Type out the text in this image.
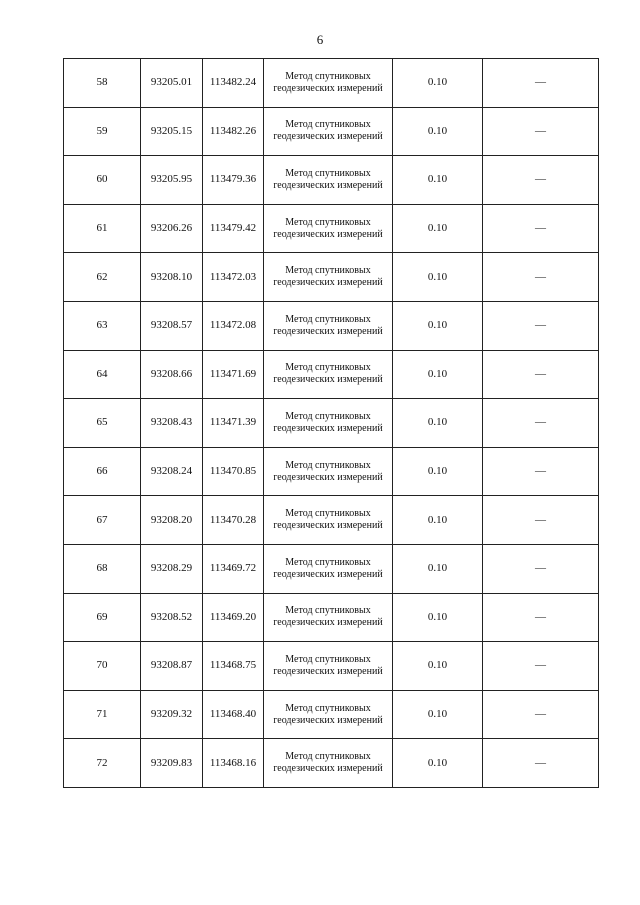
6
58	93205.01	113482.24	Метод спутниковых
геодезических измерений	0.10	—
59	93205.15	113482.26	Метод спутниковых
геодезических измерений	0.10	—
60	93205.95	113479.36	Метод спутниковых
геодезических измерений	0.10	—
61	93206.26	113479.42	Метод спутниковых
геодезических измерений	0.10	—
62	93208.10	113472.03	Метод спутниковых
геодезических измерений	0.10	—
63	93208.57	113472.08	Метод спутниковых
геодезических измерений	0.10	—
64	93208.66	113471.69	Метод спутниковых
геодезических измерений	0.10	—
65	93208.43	113471.39	Метод спутниковых
геодезических измерений	0.10	—
66	93208.24	113470.85	Метод спутниковых
геодезических измерений	0.10	—
67	93208.20	113470.28	Метод спутниковых
геодезических измерений	0.10	—
68	93208.29	113469.72	Метод спутниковых
геодезических измерений	0.10	—
69	93208.52	113469.20	Метод спутниковых
геодезических измерений	0.10	—
70	93208.87	113468.75	Метод спутниковых
геодезических измерений	0.10	—
71	93209.32	113468.40	Метод спутниковых
геодезических измерений	0.10	—
72	93209.83	113468.16	Метод спутниковых
геодезических измерений	0.10	—
